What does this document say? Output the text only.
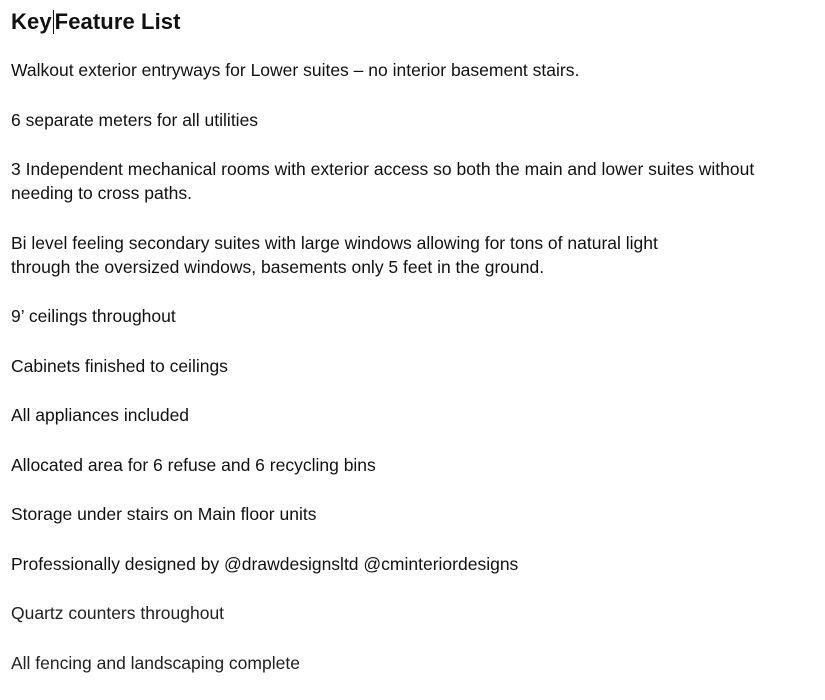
Key Feature List
Walkout exterior entryways for Lower suites – no interior basement stairs.
6 separate meters for all utilities
3 Independent mechanical rooms with exterior access so both the main and lower suites without
needing to cross paths.
Bi level feeling secondary suites with large windows allowing for tons of natural light
through the oversized windows, basements only 5 feet in the ground.
9’ ceilings throughout
Cabinets finished to ceilings
All appliances included
Allocated area for 6 refuse and 6 recycling bins
Storage under stairs on Main floor units
Professionally designed by @drawdesignsltd @cminteriordesigns
Quartz counters throughout
All fencing and landscaping complete
